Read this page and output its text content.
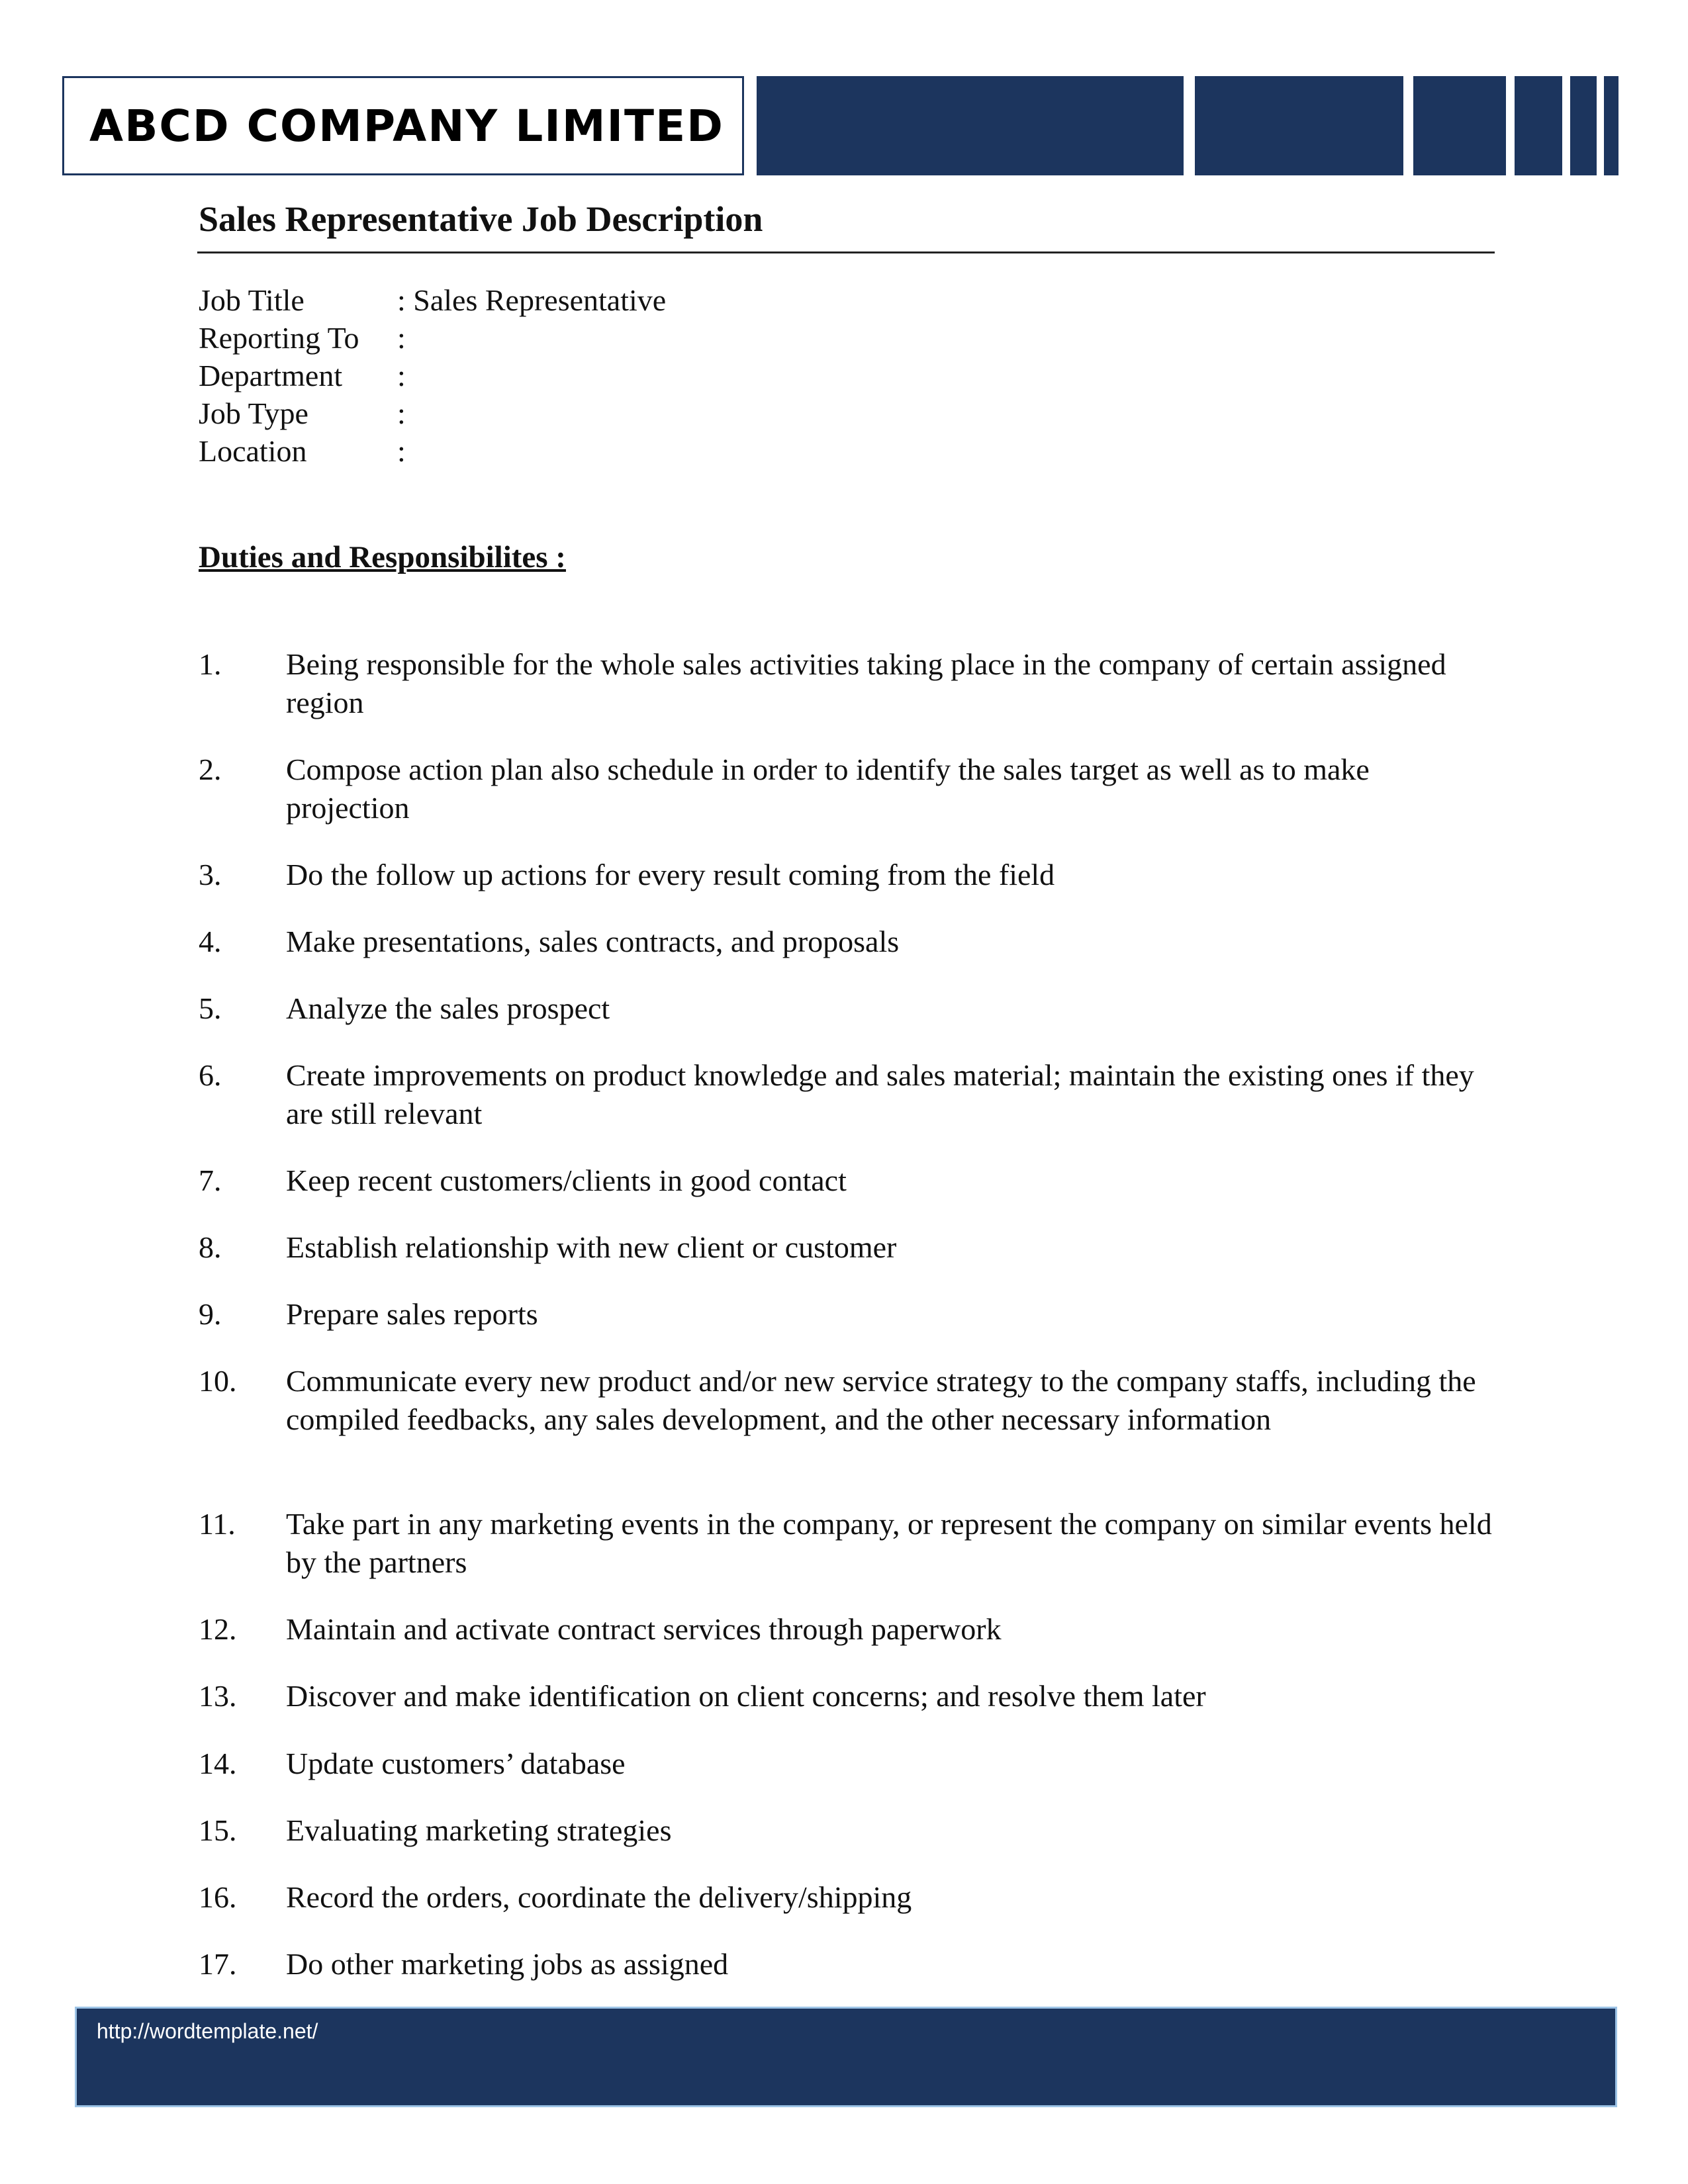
ABCD COMPANY LIMITED
Sales Representative Job Description
Job Title	: Sales Representative
Reporting To	:
Department	:
Job Type	:
Location	:
Duties and Responsibilites :
1.	Being responsible for the whole sales activities taking place in the company of certain assigned region
2.	Compose action plan also schedule in order to identify the sales target as well as to make projection
3.	Do the follow up actions for every result coming from the field
4.	Make presentations, sales contracts, and proposals
5.	Analyze the sales prospect
6.	Create improvements on product knowledge and sales material; maintain the existing ones if they are still relevant
7.	Keep recent customers/clients in good contact
8.	Establish relationship with new client or customer
9.	Prepare sales reports
10.	Communicate every new product and/or new service strategy to the company staffs, including the compiled feedbacks, any sales development, and the other necessary information
11.	Take part in any marketing events in the company, or represent the company on similar events held by the partners
12.	Maintain and activate contract services through paperwork
13.	Discover and make identification on client concerns; and resolve them later
14.	Update customers’ database
15.	Evaluating marketing strategies
16.	Record the orders, coordinate the delivery/shipping
17.	Do other marketing jobs as assigned
http://wordtemplate.net/
